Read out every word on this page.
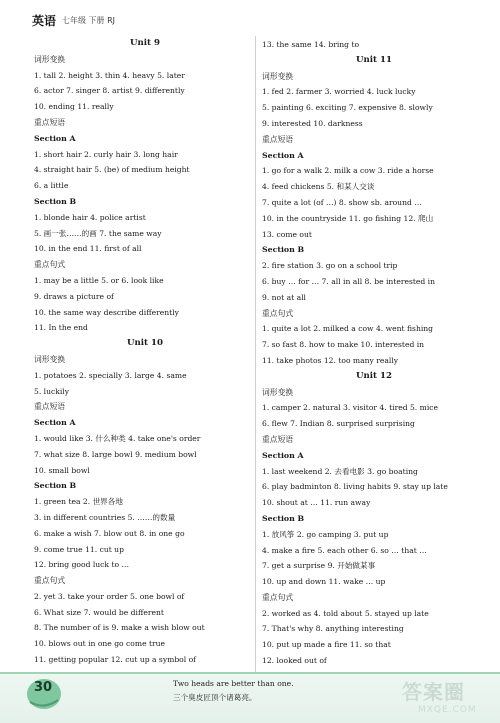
英语 七年级 下册 RJ
Unit 9
词形变换
1. tall 2. height 3. thin 4. heavy 5. later
6. actor 7. singer 8. artist 9. differently
10. ending 11. really
重点短语
Section A
1. short hair 2. curly hair 3. long hair
4. straight hair 5. (be) of medium height
6. a little
Section B
1. blonde hair 4. police artist
5. 画一张……的画 7. the same way
10. in the end 11. first of all
重点句式
1. may be a little 5. or 6. look like
9. draws a picture of
10. the same way describe differently
11. In the end
Unit 10
词形变换
1. potatoes 2. specially 3. large 4. same
5. luckily
重点短语
Section A
1. would like 3. 什么种类 4. take one's order
7. what size 8. large bowl 9. medium bowl
10. small bowl
Section B
1. green tea 2. 世界各地
3. in different countries 5. ……的数量
6. make a wish 7. blow out 8. in one go
9. come true 11. cut up
12. bring good luck to …
重点句式
2. yet 3. take your order 5. one bowl of
6. What size 7. would be different
8. The number of is 9. make a wish blow out
10. blows out in one go come true
11. getting popular 12. cut up a symbol of
13. the same 14. bring to
Unit 11
词形变换
1. fed 2. farmer 3. worried 4. luck lucky
5. painting 6. exciting 7. expensive 8. slowly
9. interested 10. darkness
重点短语
Section A
1. go for a walk 2. milk a cow 3. ride a horse
4. feed chickens 5. 和某人交谈
7. quite a lot (of …) 8. show sb. around …
10. in the countryside 11. go fishing 12. 爬山
13. come out
Section B
2. fire station 3. go on a school trip
6. buy … for … 7. all in all 8. be interested in
9. not at all
重点句式
1. quite a lot 2. milked a cow 4. went fishing
7. so fast 8. how to make 10. interested in
11. take photos 12. too many really
Unit 12
词形变换
1. camper 2. natural 3. visitor 4. tired 5. mice
6. flew 7. Indian 8. surprised surprising
重点短语
Section A
1. last weekend 2. 去看电影 3. go boating
6. play badminton 8. living habits 9. stay up late
10. shout at … 11. run away
Section B
1. 放风筝 2. go camping 3. put up
4. make a fire 5. each other 6. so … that …
7. get a surprise 9. 开始做某事
10. up and down 11. wake … up
重点句式
2. worked as 4. told about 5. stayed up late
7. That's why 8. anything interesting
10. put up made a fire 11. so that
12. looked out of
30	Two heads are better than one.
三个臭皮匠顶个诸葛亮。	答案圈
MXQE.COM
